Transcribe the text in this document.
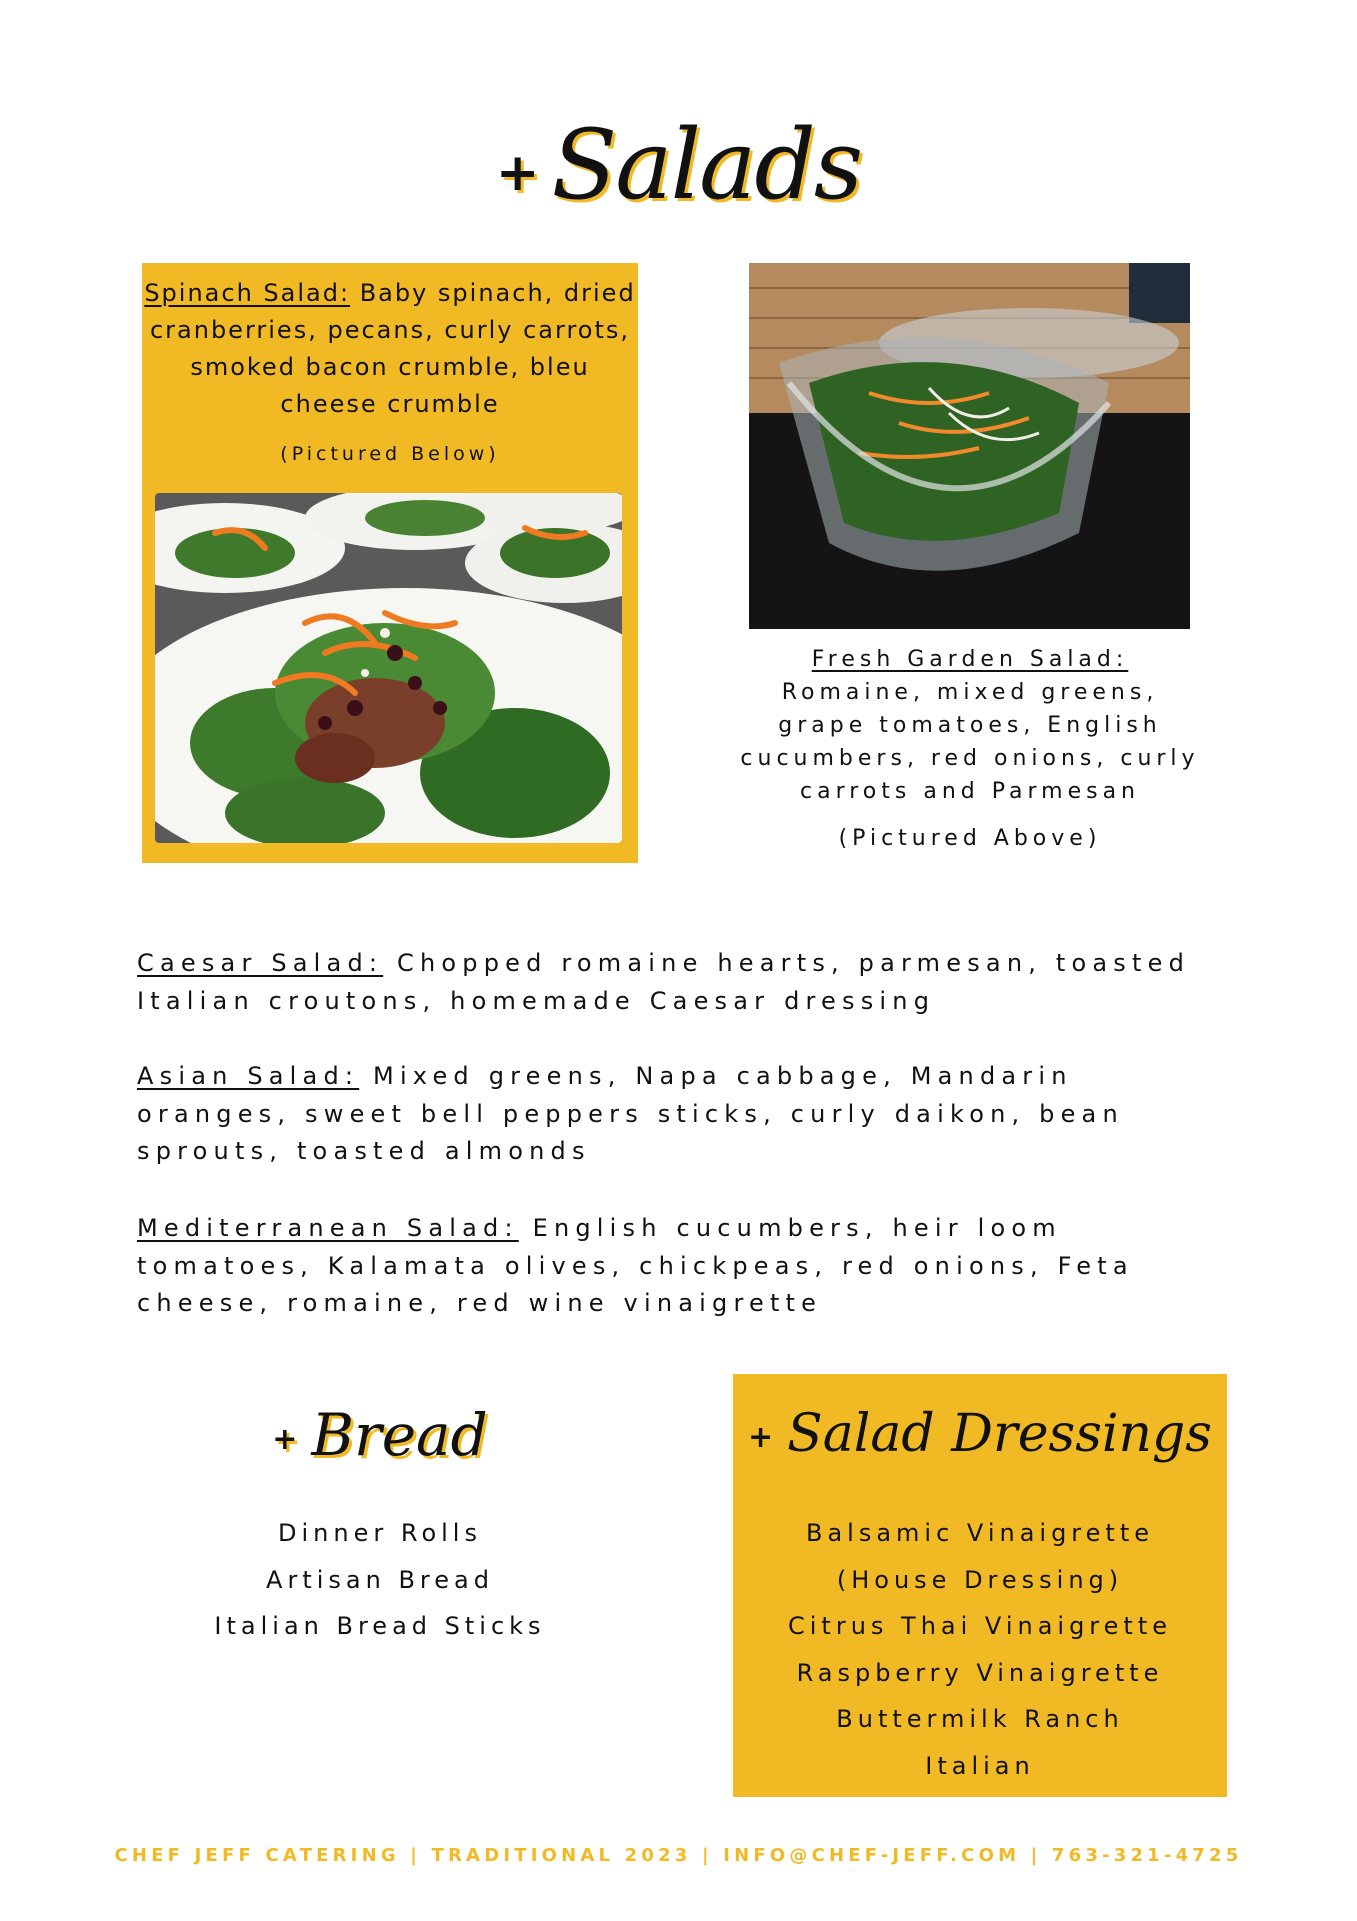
+ Salads
Spinach Salad: Baby spinach, dried cranberries, pecans, curly carrots, smoked bacon crumble, bleu cheese crumble
(Pictured Below)
Fresh Garden Salad:
Romaine, mixed greens, grape tomatoes, English cucumbers, red onions, curly carrots and Parmesan
(Pictured Above)
Caesar Salad: Chopped romaine hearts, parmesan, toasted Italian croutons, homemade Caesar dressing
Asian Salad: Mixed greens, Napa cabbage, Mandarin oranges, sweet bell peppers sticks, curly daikon, bean sprouts, toasted almonds
Mediterranean Salad: English cucumbers, heir loom tomatoes, Kalamata olives, chickpeas, red onions, Feta cheese, romaine, red wine vinaigrette
+ Bread
Dinner Rolls
Artisan Bread
Italian Bread Sticks
+ Salad Dressings
Balsamic Vinaigrette
(House Dressing)
Citrus Thai Vinaigrette
Raspberry Vinaigrette
Buttermilk Ranch
Italian
CHEF JEFF CATERING | TRADITIONAL 2023 | INFO@CHEF-JEFF.COM | 763-321-4725
